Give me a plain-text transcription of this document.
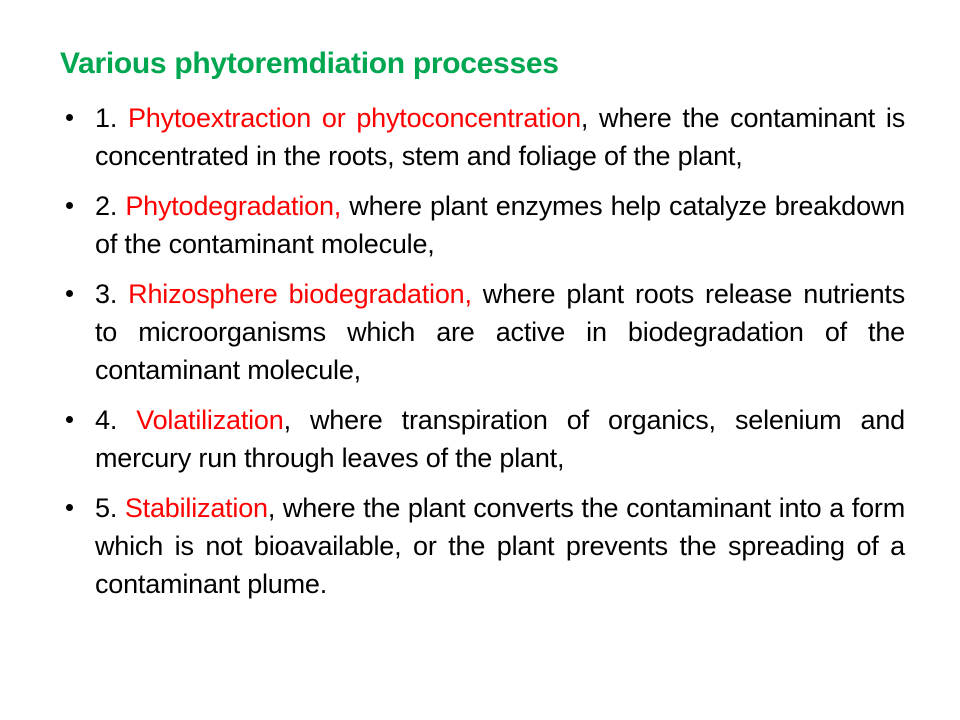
Various phytoremdiation processes

1. Phytoextraction or phytoconcentration, where the contaminant is concentrated in the roots, stem and foliage of the plant,

2. Phytodegradation, where plant enzymes help catalyze breakdown of the contaminant molecule,

3. Rhizosphere biodegradation, where plant roots release nutrients to microorganisms which are active in biodegradation of the contaminant molecule,

4. Volatilization, where transpiration of organics, selenium and mercury run through leaves of the plant,

5. Stabilization, where the plant converts the contaminant into a form which is not bioavailable, or the plant prevents the spreading of a contaminant plume.
